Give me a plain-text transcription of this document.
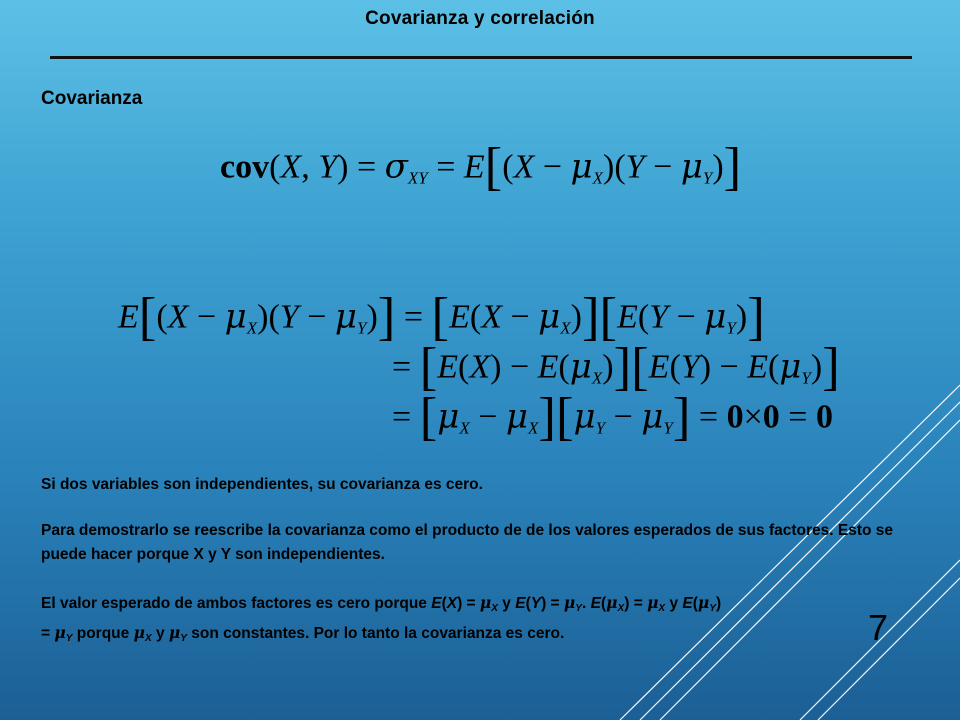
Covarianza y correlación
Covarianza
cov(X, $Y) = \sigma_{XY} = E[(X - \mu_X)(Y - \mu_Y)]$
$E[(X - \mu_X)(Y - \mu_Y)] = [E(X - \mu_X)][E(Y - \mu_Y)]$
= $[E(X) - E(\mu_X)][E(Y) - E(\mu_Y)]$
= $[\mu_X - \mu_X][\mu_Y - \mu_Y] = 0\times 0 = 0$
Si dos variables son independientes, su covarianza es cero.
Para demostrarlo se reescribe la covarianza como el producto de de los valores esperados de sus factores. Esto se puede hacer porque X y Y son independientes.
El valor esperado de ambos factores es cero porque E(X) = μX y E(Y) = μY. E(μX) = μX y E(μY)
= μY porque μX y μY son constantes. Por lo tanto la covarianza es cero.	7
